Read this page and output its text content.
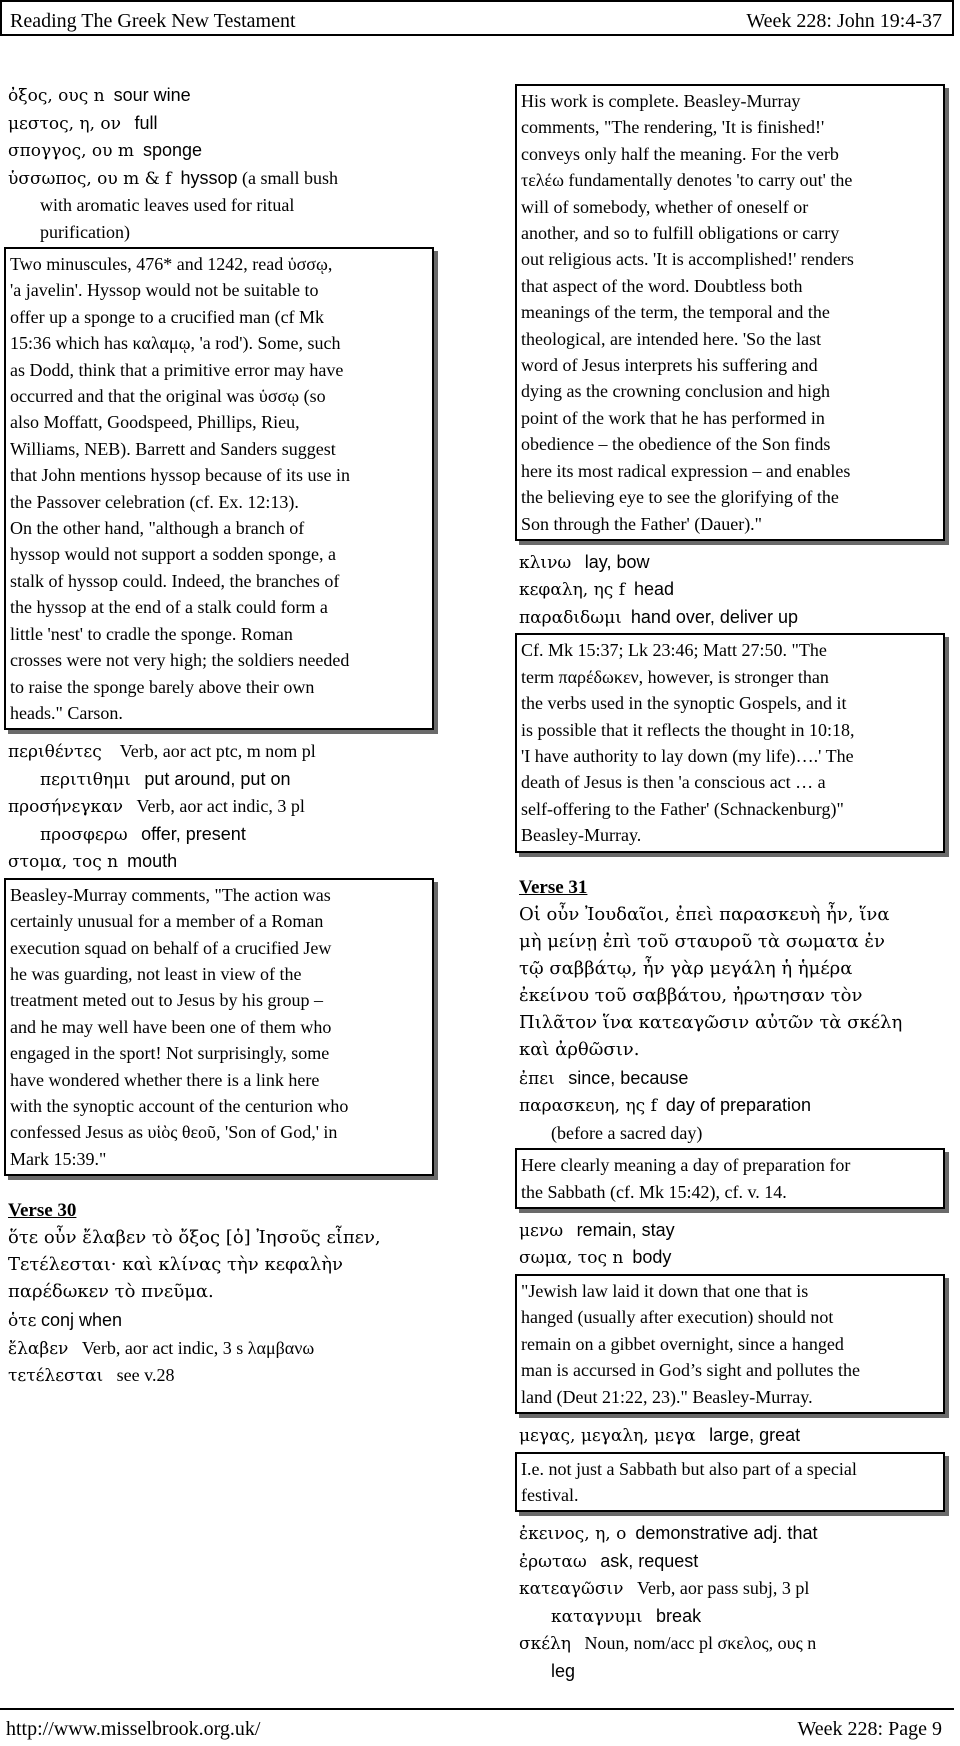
Reading The Greek New Testament	Week 228: John 19:4-37
ὀξος, ους n sour wine
μεστος, η, ον full
σπογγος, ου m sponge
ὑσσωπος, ου m & f hyssop (a small bush
with aromatic leaves used for ritual
purification)
Two minuscules, 476* and 1242, read ὑσσῳ,
'a javelin'. Hyssop would not be suitable to
offer up a sponge to a crucified man (cf Mk
15:36 which has καλαμῳ, 'a rod'). Some, such
as Dodd, think that a primitive error may have
occurred and that the original was ὑσσῳ (so
also Moffatt, Goodspeed, Phillips, Rieu,
Williams, NEB). Barrett and Sanders suggest
that John mentions hyssop because of its use in
the Passover celebration (cf. Ex. 12:13).
On the other hand, "although a branch of
hyssop would not support a sodden sponge, a
stalk of hyssop could. Indeed, the branches of
the hyssop at the end of a stalk could form a
little 'nest' to cradle the sponge. Roman
crosses were not very high; the soldiers needed
to raise the sponge barely above their own
heads." Carson.
περιθέντες Verb, aor act ptc, m nom pl
περιτιθημι put around, put on
προσήνεγκαν Verb, aor act indic, 3 pl
προσφερω offer, present
στομα, τος n mouth
Beasley-Murray comments, "The action was
certainly unusual for a member of a Roman
execution squad on behalf of a crucified Jew
he was guarding, not least in view of the
treatment meted out to Jesus by his group –
and he may well have been one of them who
engaged in the sport! Not surprisingly, some
have wondered whether there is a link here
with the synoptic account of the centurion who
confessed Jesus as υἱὸς θεοῦ, 'Son of God,' in
Mark 15:39."
Verse 30
ὅτε οὖν ἔλαβεν τὸ ὄξος [ὁ] Ἰησοῦς εἶπεν,
Τετέλεσται· καὶ κλίνας τὴν κεφαλὴν
παρέδωκεν τὸ πνεῦμα.
ὁτε conj when
ἔλαβεν Verb, aor act indic, 3 s λαμβανω
τετέλεσται see v.28
His work is complete. Beasley-Murray
comments, "The rendering, 'It is finished!'
conveys only half the meaning. For the verb
τελέω fundamentally denotes 'to carry out' the
will of somebody, whether of oneself or
another, and so to fulfill obligations or carry
out religious acts. 'It is accomplished!' renders
that aspect of the word. Doubtless both
meanings of the term, the temporal and the
theological, are intended here. 'So the last
word of Jesus interprets his suffering and
dying as the crowning conclusion and high
point of the work that he has performed in
obedience – the obedience of the Son finds
here its most radical expression – and enables
the believing eye to see the glorifying of the
Son through the Father' (Dauer)."
κλινω lay, bow
κεφαλη, ης f head
παραδιδωμι hand over, deliver up
Cf. Mk 15:37; Lk 23:46; Matt 27:50. "The
term παρέδωκεν, however, is stronger than
the verbs used in the synoptic Gospels, and it
is possible that it reflects the thought in 10:18,
'I have authority to lay down (my life)….' The
death of Jesus is then 'a conscious act … a
self-offering to the Father' (Schnackenburg)"
Beasley-Murray.
Verse 31
Οἱ οὖν Ἰουδαῖοι, ἐπεὶ παρασκευὴ ἦν, ἵνα
μὴ μείνῃ ἐπὶ τοῦ σταυροῦ τὰ σωματα ἐν
τῷ σαββάτῳ, ἦν γὰρ μεγάλη ἡ ἡμέρα
ἐκείνου τοῦ σαββάτου, ἠρωτησαν τὸν
Πιλᾶτον ἵνα κατεαγῶσιν αὐτῶν τὰ σκέλη
καὶ ἀρθῶσιν.
ἐπει since, because
παρασκευη, ης f day of preparation
(before a sacred day)
Here clearly meaning a day of preparation for
the Sabbath (cf. Mk 15:42), cf. v. 14.
μενω remain, stay
σωμα, τος n body
"Jewish law laid it down that one that is
hanged (usually after execution) should not
remain on a gibbet overnight, since a hanged
man is accursed in God’s sight and pollutes the
land (Deut 21:22, 23)." Beasley-Murray.
μεγας, μεγαλη, μεγα large, great
I.e. not just a Sabbath but also part of a special
festival.
ἐκεινος, η, ο demonstrative adj. that
ἐρωταω ask, request
κατεαγῶσιν Verb, aor pass subj, 3 pl
καταγνυμι break
σκέλη Noun, nom/acc pl σκελος, ους n
leg
http://www.misselbrook.org.uk/	Week 228: Page 9
